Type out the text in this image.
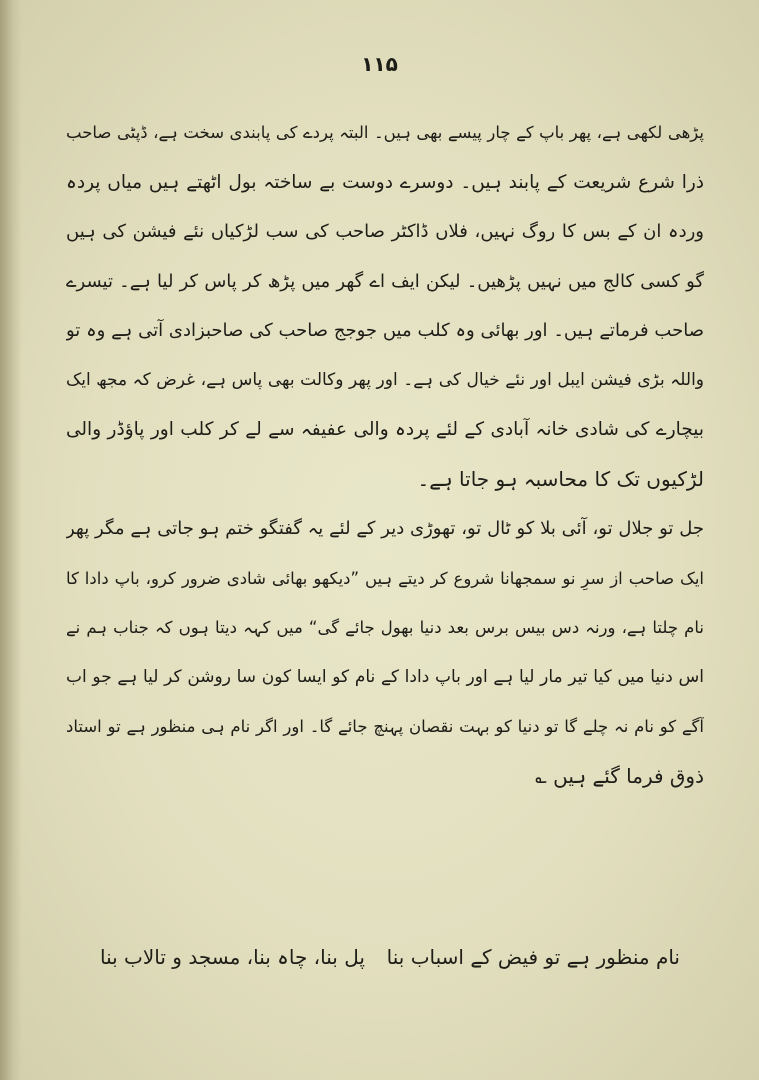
۱۱۵
پڑھی لکھی ہے، پھر باپ کے چار پیسے بھی ہیں۔ البتہ پردے کی پابندی سخت ہے، ڈپٹی صاحب
ذرا شرع شریعت کے پابند ہیں۔ دوسرے دوست بے ساختہ بول اٹھتے ہیں میاں پردہ
وردہ ان کے بس کا روگ نہیں، فلاں ڈاکٹر صاحب کی سب لڑکیاں نئے فیشن کی ہیں
گو کسی کالج میں نہیں پڑھیں۔ لیکن ایف اے گھر میں پڑھ کر پاس کر لیا ہے۔ تیسرے
صاحب فرماتے ہیں۔ اور بھائی وہ کلب میں جوجج صاحب کی صاحبزادی آتی ہے وہ تو
واللہ بڑی فیشن ایبل اور نئے خیال کی ہے۔ اور پھر وکالت بھی پاس ہے، غرض کہ مجھ ایک
بیچارے کی شادی خانہ آبادی کے لئے پردہ والی عفیفہ سے لے کر کلب اور پاؤڈر والی
لڑکیوں تک کا محاسبہ ہو جاتا ہے۔
جل تو جلال تو، آئی بلا کو ٹال تو، تھوڑی دیر کے لئے یہ گفتگو ختم ہو جاتی ہے مگر پھر
ایک صاحب از سرِ نو سمجھانا شروع کر دیتے ہیں ”دیکھو بھائی شادی ضرور کرو، باپ دادا کا
نام چلتا ہے، ورنہ دس بیس برس بعد دنیا بھول جائے گی“ میں کہہ دیتا ہوں کہ جناب ہم نے
اس دنیا میں کیا تیر مار لیا ہے اور باپ دادا کے نام کو ایسا کون سا روشن کر لیا ہے جو اب
آگے کو نام نہ چلے گا تو دنیا کو بہت نقصان پہنچ جائے گا۔ اور اگر نام ہی منظور ہے تو استاد
ذوق فرما گئے ہیں ؎
نام منظور ہے تو فیض کے اسباب بنا
پل بنا، چاہ بنا، مسجد و تالاب بنا
